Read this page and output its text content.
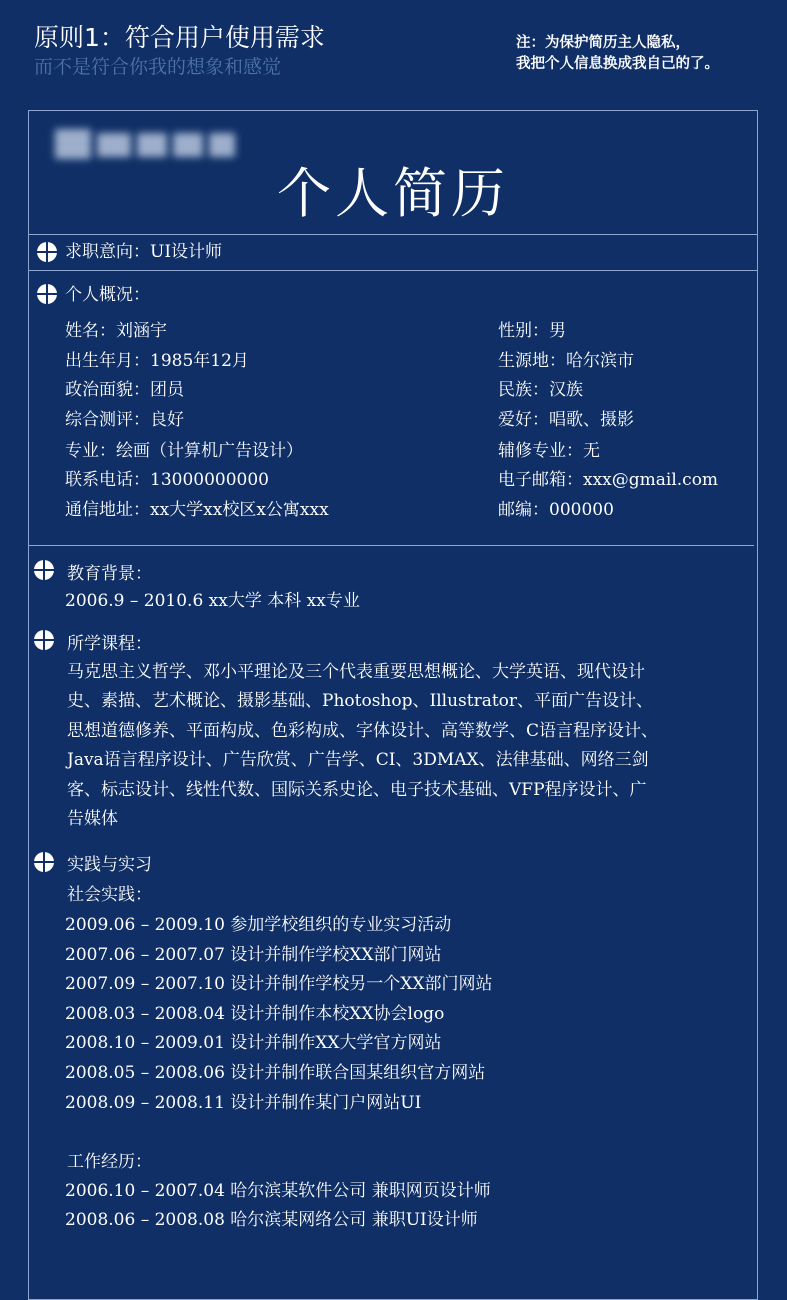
原则1：符合用户使用需求
而不是符合你我的想象和感觉
注：为保护简历主人隐私，
我把个人信息换成我自己的了。
个人简历
求职意向：UI设计师
个人概况：
姓名：刘涵宇
出生年月：1985年12月
政治面貌：团员
综合测评：良好
专业：绘画（计算机广告设计）
联系电话：13000000000
通信地址：xx大学xx校区x公寓xxx
性别：男
生源地：哈尔滨市
民族：汉族
爱好：唱歌、摄影
辅修专业：无
电子邮箱：xxx@gmail.com
邮编：000000
教育背景：
2006.9 – 2010.6 xx大学 本科 xx专业
所学课程：
马克思主义哲学、邓小平理论及三个代表重要思想概论、大学英语、现代设计
史、素描、艺术概论、摄影基础、Photoshop、Illustrator、平面广告设计、
思想道德修养、平面构成、色彩构成、字体设计、高等数学、C语言程序设计、
Java语言程序设计、广告欣赏、广告学、CI、3DMAX、法律基础、网络三剑
客、标志设计、线性代数、国际关系史论、电子技术基础、VFP程序设计、广
告媒体
实践与实习
社会实践：
2009.06 – 2009.10 参加学校组织的专业实习活动
2007.06 – 2007.07 设计并制作学校XX部门网站
2007.09 – 2007.10 设计并制作学校另一个XX部门网站
2008.03 – 2008.04 设计并制作本校XX协会logo
2008.10 – 2009.01 设计并制作XX大学官方网站
2008.05 – 2008.06 设计并制作联合国某组织官方网站
2008.09 – 2008.11 设计并制作某门户网站UI
工作经历：
2006.10 – 2007.04 哈尔滨某软件公司 兼职网页设计师
2008.06 – 2008.08 哈尔滨某网络公司 兼职UI设计师
